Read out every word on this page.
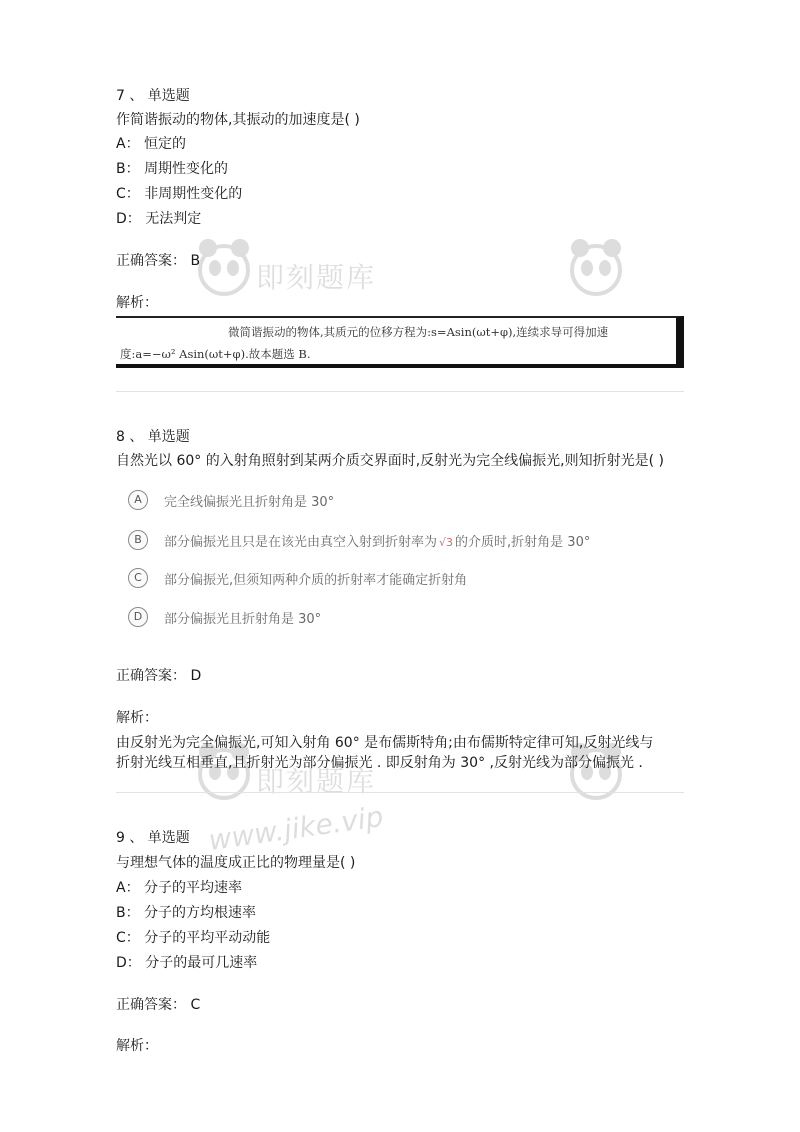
即刻题库
即刻题库
www.jike.vip
7 、 单选题
作简谐振动的物体,其振动的加速度是( )
A： 恒定的
B： 周期性变化的
C： 非周期性变化的
D： 无法判定
正确答案： B
解析：
微简谐振动的物体,其质元的位移方程为:s=Asin(ωt+φ),连续求导可得加速
度:a=−ω² Asin(ωt+φ).故本题选 B.
8 、 单选题
自然光以 60° 的入射角照射到某两介质交界面时,反射光为完全线偏振光,则知折射光是( )
A	完全线偏振光且折射角是 30°
B	部分偏振光且只是在该光由真空入射到折射率为 √3 的介质时,折射角是 30°
C	部分偏振光,但须知两种介质的折射率才能确定折射角
D	部分偏振光且折射角是 30°
正确答案： D
解析：
由反射光为完全偏振光,可知入射角 60° 是布儒斯特角;由布儒斯特定律可知,反射光线与
折射光线互相垂直,且折射光为部分偏振光 . 即反射角为 30° ,反射光线为部分偏振光 .
9 、 单选题
与理想气体的温度成正比的物理量是( )
A： 分子的平均速率
B： 分子的方均根速率
C： 分子的平均平动动能
D： 分子的最可几速率
正确答案： C
解析：
